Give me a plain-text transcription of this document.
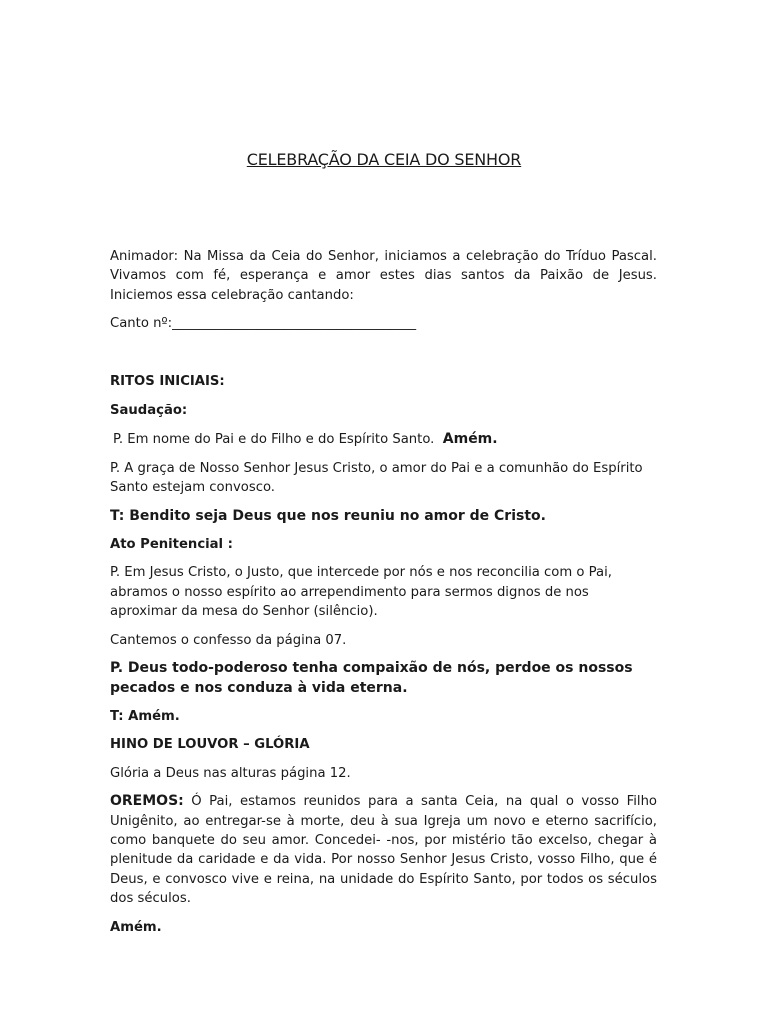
CELEBRAÇÃO DA CEIA DO SENHOR

Animador: Na Missa da Ceia do Senhor, iniciamos a celebração do Tríduo Pascal. Vivamos com fé, esperança e amor estes dias santos da Paixão de Jesus. Iniciemos essa celebração cantando:

Canto nº:_____________________________________

RITOS INICIAIS:

Saudação:

P. Em nome do Pai e do Filho e do Espírito Santo. Amém.

P. A graça de Nosso Senhor Jesus Cristo, o amor do Pai e a comunhão do Espírito Santo estejam convosco.

T: Bendito seja Deus que nos reuniu no amor de Cristo.

Ato Penitencial :

P. Em Jesus Cristo, o Justo, que intercede por nós e nos reconcilia com o Pai, abramos o nosso espírito ao arrependimento para sermos dignos de nos aproximar da mesa do Senhor (silêncio).

Cantemos o confesso da página 07.

P. Deus todo-poderoso tenha compaixão de nós, perdoe os nossos pecados e nos conduza à vida eterna.

T: Amém.

HINO DE LOUVOR – GLÓRIA

Glória a Deus nas alturas página 12.

OREMOS: Ó Pai, estamos reunidos para a santa Ceia, na qual o vosso Filho Unigênito, ao entregar-se à morte, deu à sua Igreja um novo e eterno sacrifício, como banquete do seu amor. Concedei- -nos, por mistério tão excelso, chegar à plenitude da caridade e da vida. Por nosso Senhor Jesus Cristo, vosso Filho, que é Deus, e convosco vive e reina, na unidade do Espírito Santo, por todos os séculos dos séculos.

Amém.
